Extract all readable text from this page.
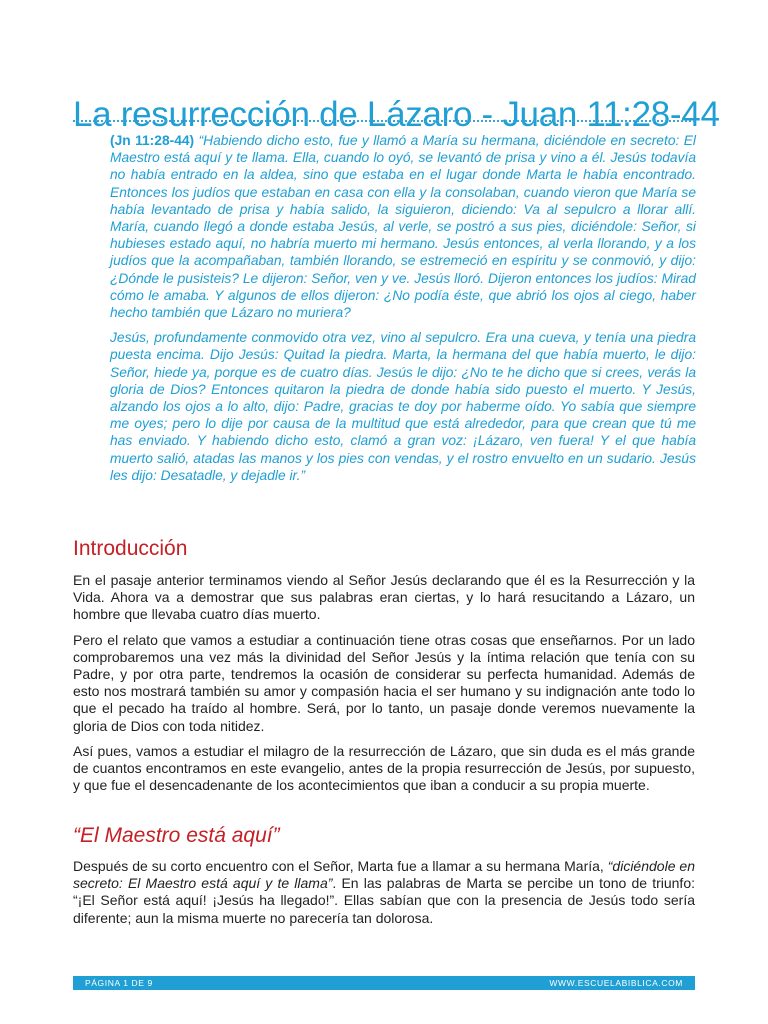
La resurrección de Lázaro - Juan 11:28-44

(Jn 11:28-44) “Habiendo dicho esto, fue y llamó a María su hermana, diciéndole en secreto: El Maestro está aquí y te llama. Ella, cuando lo oyó, se levantó de prisa y vino a él. Jesús todavía no había entrado en la aldea, sino que estaba en el lugar donde Marta le había encontrado. Entonces los judíos que estaban en casa con ella y la consolaban, cuando vieron que María se había levantado de prisa y había salido, la siguieron, diciendo: Va al sepulcro a llorar allí. María, cuando llegó a donde estaba Jesús, al verle, se postró a sus pies, diciéndole: Señor, si hubieses estado aquí, no habría muerto mi hermano. Jesús entonces, al verla llorando, y a los judíos que la acompañaban, también llorando, se estremeció en espíritu y se conmovió, y dijo: ¿Dónde le pusisteis? Le dijeron: Señor, ven y ve. Jesús lloró. Dijeron entonces los judíos: Mirad cómo le amaba. Y algunos de ellos dijeron: ¿No podía éste, que abrió los ojos al ciego, haber hecho también que Lázaro no muriera?

Jesús, profundamente conmovido otra vez, vino al sepulcro. Era una cueva, y tenía una piedra puesta encima. Dijo Jesús: Quitad la piedra. Marta, la hermana del que había muerto, le dijo: Señor, hiede ya, porque es de cuatro días. Jesús le dijo: ¿No te he dicho que si crees, verás la gloria de Dios? Entonces quitaron la piedra de donde había sido puesto el muerto. Y Jesús, alzando los ojos a lo alto, dijo: Padre, gracias te doy por haberme oído. Yo sabía que siempre me oyes; pero lo dije por causa de la multitud que está alrededor, para que crean que tú me has enviado. Y habiendo dicho esto, clamó a gran voz: ¡Lázaro, ven fuera! Y el que había muerto salió, atadas las manos y los pies con vendas, y el rostro envuelto en un sudario. Jesús les dijo: Desatadle, y dejadle ir.”

Introducción

En el pasaje anterior terminamos viendo al Señor Jesús declarando que él es la Resurrección y la Vida. Ahora va a demostrar que sus palabras eran ciertas, y lo hará resucitando a Lázaro, un hombre que llevaba cuatro días muerto.

Pero el relato que vamos a estudiar a continuación tiene otras cosas que enseñarnos. Por un lado comprobaremos una vez más la divinidad del Señor Jesús y la íntima relación que tenía con su Padre, y por otra parte, tendremos la ocasión de considerar su perfecta humanidad. Además de esto nos mostrará también su amor y compasión hacia el ser humano y su indignación ante todo lo que el pecado ha traído al hombre. Será, por lo tanto, un pasaje donde veremos nuevamente la gloria de Dios con toda nitidez.

Así pues, vamos a estudiar el milagro de la resurrección de Lázaro, que sin duda es el más grande de cuantos encontramos en este evangelio, antes de la propia resurrección de Jesús, por supuesto, y que fue el desencadenante de los acontecimientos que iban a conducir a su propia muerte.

“El Maestro está aquí”

Después de su corto encuentro con el Señor, Marta fue a llamar a su hermana María, “diciéndole en secreto: El Maestro está aquí y te llama”. En las palabras de Marta se percibe un tono de triunfo: “¡El Señor está aquí! ¡Jesús ha llegado!”. Ellas sabían que con la presencia de Jesús todo sería diferente; aun la misma muerte no parecería tan dolorosa.

PÁGINA 1 DE 9	WWW.ESCUELABIBLICA.COM
